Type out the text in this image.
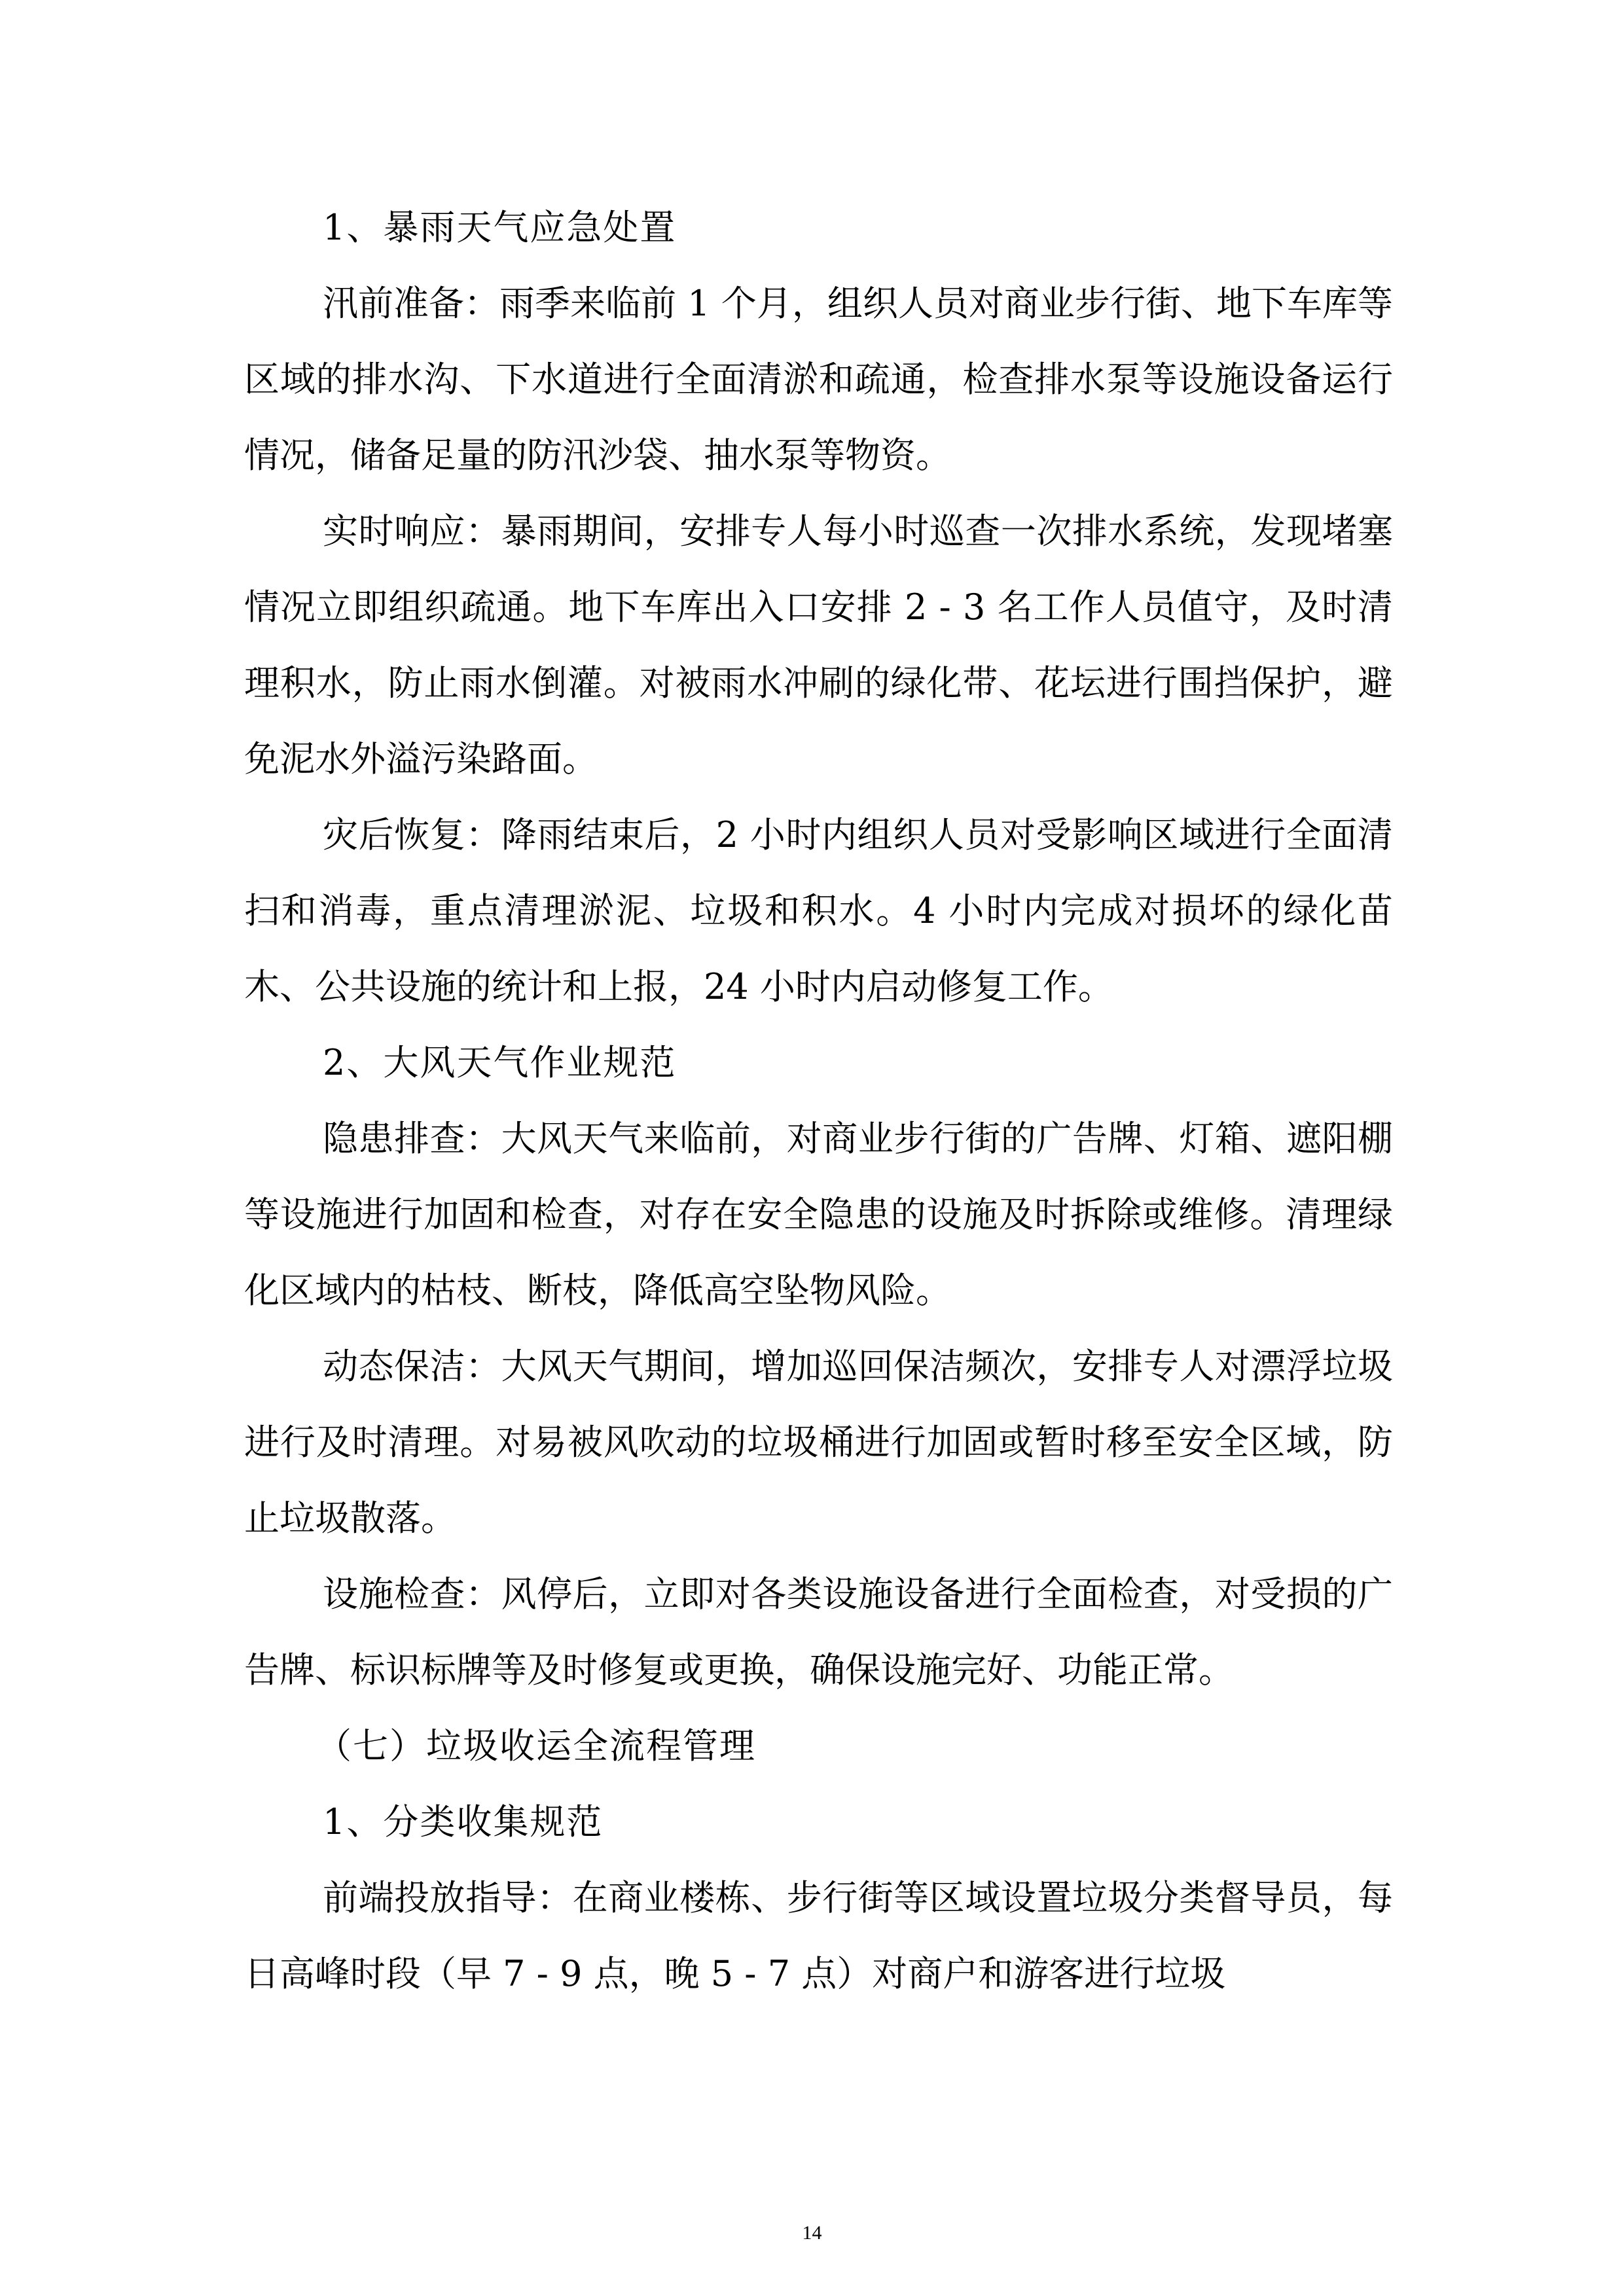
1、暴雨天气应急处置

汛前准备：雨季来临前 1 个月，组织人员对商业步行街、地下车库等区域的排水沟、下水道进行全面清淤和疏通，检查排水泵等设施设备运行情况，储备足量的防汛沙袋、抽水泵等物资。

实时响应：暴雨期间，安排专人每小时巡查一次排水系统，发现堵塞情况立即组织疏通。地下车库出入口安排 2 - 3 名工作人员值守，及时清理积水，防止雨水倒灌。对被雨水冲刷的绿化带、花坛进行围挡保护，避免泥水外溢污染路面。

灾后恢复：降雨结束后，2 小时内组织人员对受影响区域进行全面清扫和消毒，重点清理淤泥、垃圾和积水。4 小时内完成对损坏的绿化苗木、公共设施的统计和上报，24 小时内启动修复工作。

2、大风天气作业规范

隐患排查：大风天气来临前，对商业步行街的广告牌、灯箱、遮阳棚等设施进行加固和检查，对存在安全隐患的设施及时拆除或维修。清理绿化区域内的枯枝、断枝，降低高空坠物风险。

动态保洁：大风天气期间，增加巡回保洁频次，安排专人对漂浮垃圾进行及时清理。对易被风吹动的垃圾桶进行加固或暂时移至安全区域，防止垃圾散落。

设施检查：风停后，立即对各类设施设备进行全面检查，对受损的广告牌、标识标牌等及时修复或更换，确保设施完好、功能正常。

（七）垃圾收运全流程管理

1、分类收集规范

前端投放指导：在商业楼栋、步行街等区域设置垃圾分类督导员，每日高峰时段（早 7 - 9 点，晚 5 - 7 点）对商户和游客进行垃圾

14
